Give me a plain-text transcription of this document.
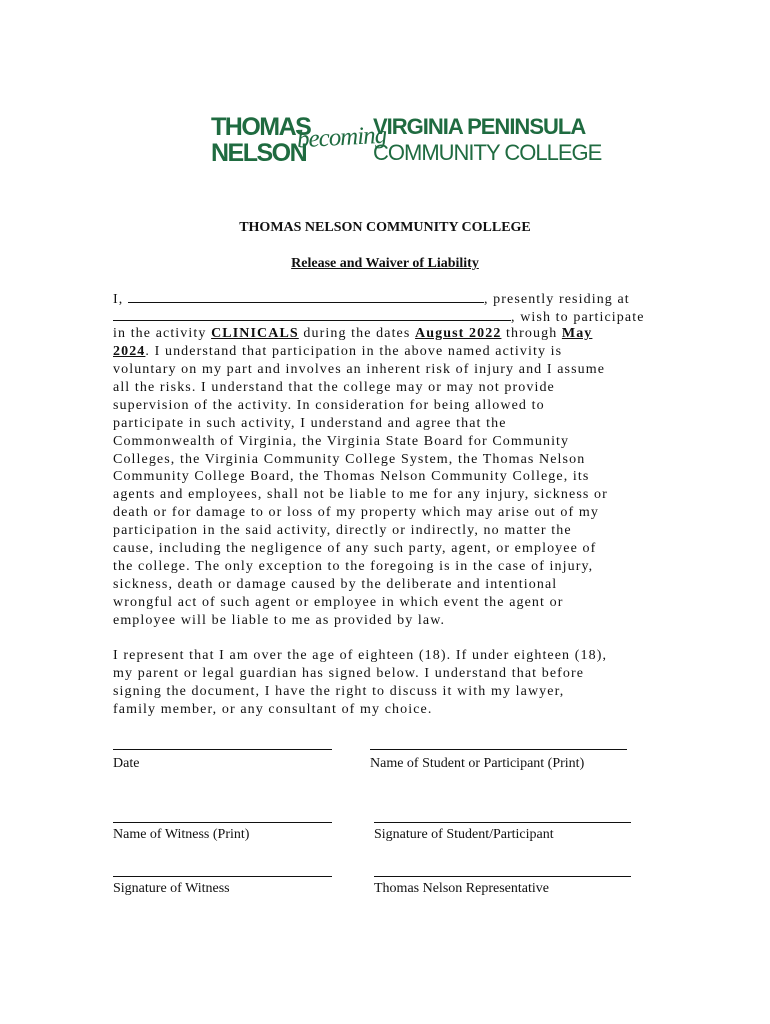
THOMAS
NELSON
becoming
VIRGINIA PENINSULA
COMMUNITY COLLEGE
THOMAS NELSON COMMUNITY COLLEGE
Release and Waiver of Liability
I,	, presently residing at
, wish to participate
in the activity CLINICALS during the dates August 2022 through May
2024. I understand that participation in the above named activity is
voluntary on my part and involves an inherent risk of injury and I assume
all the risks. I understand that the college may or may not provide
supervision of the activity. In consideration for being allowed to
participate in such activity, I understand and agree that the
Commonwealth of Virginia, the Virginia State Board for Community
Colleges, the Virginia Community College System, the Thomas Nelson
Community College Board, the Thomas Nelson Community College, its
agents and employees, shall not be liable to me for any injury, sickness or
death or for damage to or loss of my property which may arise out of my
participation in the said activity, directly or indirectly, no matter the
cause, including the negligence of any such party, agent, or employee of
the college. The only exception to the foregoing is in the case of injury,
sickness, death or damage caused by the deliberate and intentional
wrongful act of such agent or employee in which event the agent or
employee will be liable to me as provided by law.
I represent that I am over the age of eighteen (18). If under eighteen (18),
my parent or legal guardian has signed below. I understand that before
signing the document, I have the right to discuss it with my lawyer,
family member, or any consultant of my choice.
Date	Name of Student or Participant (Print)
Name of Witness (Print)	Signature of Student/Participant
Signature of Witness	Thomas Nelson Representative
